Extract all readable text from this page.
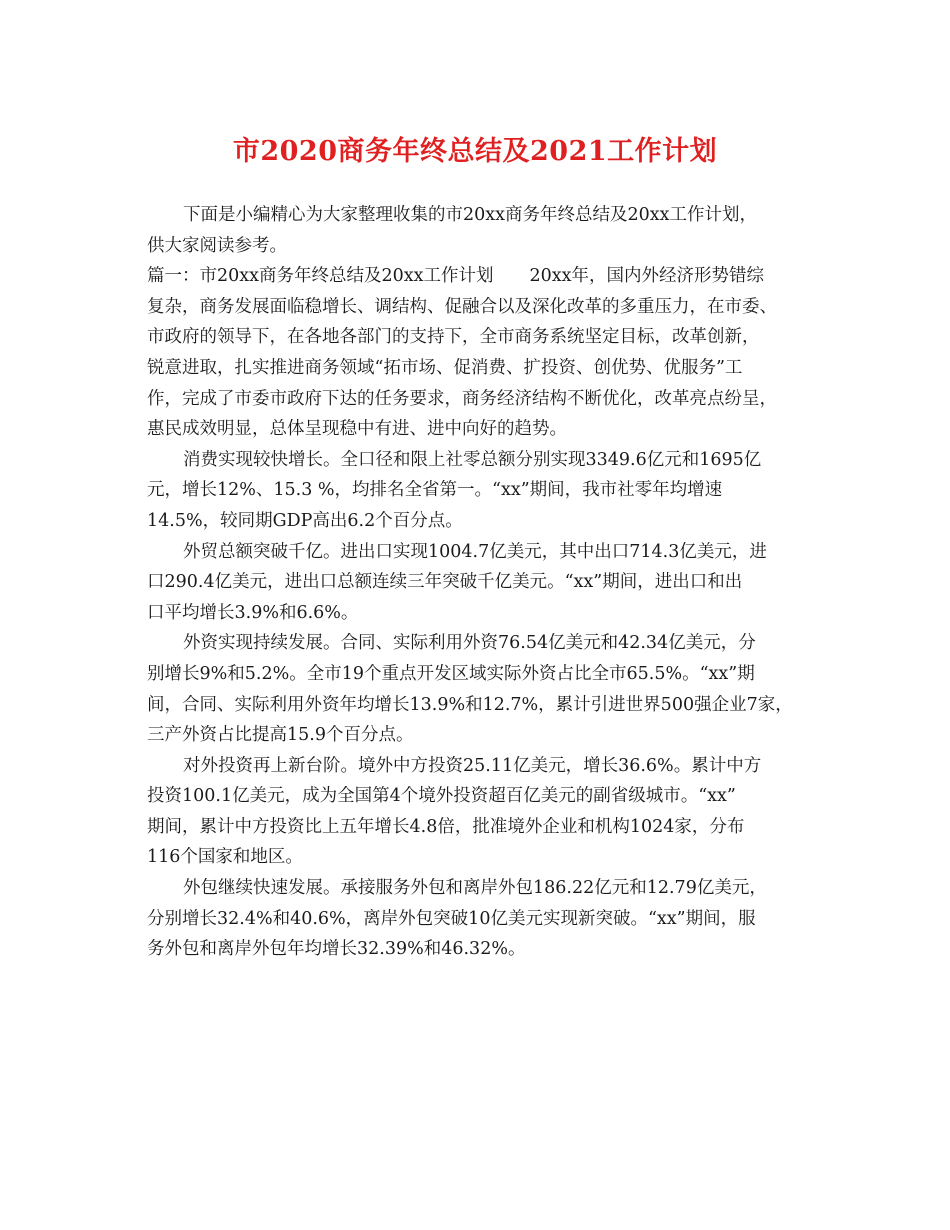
市2020商务年终总结及2021工作计划
下面是小编精心为大家整理收集的市20xx商务年终总结及20xx工作计划，
供大家阅读参考。
篇一：市20xx商务年终总结及20xx工作计划 20xx年，国内外经济形势错综
复杂，商务发展面临稳增长、调结构、促融合以及深化改革的多重压力，在市委、
市政府的领导下，在各地各部门的支持下，全市商务系统坚定目标，改革创新，
锐意进取，扎实推进商务领域“拓市场、促消费、扩投资、创优势、优服务”工
作，完成了市委市政府下达的任务要求，商务经济结构不断优化，改革亮点纷呈，
惠民成效明显，总体呈现稳中有进、进中向好的趋势。
消费实现较快增长。全口径和限上社零总额分别实现3349.6亿元和1695亿
元，增长12%、15.3 %，均排名全省第一。“xx”期间，我市社零年均增速
14.5%，较同期GDP高出6.2个百分点。
外贸总额突破千亿。进出口实现1004.7亿美元，其中出口714.3亿美元，进
口290.4亿美元，进出口总额连续三年突破千亿美元。“xx”期间，进出口和出
口平均增长3.9%和6.6%。
外资实现持续发展。合同、实际利用外资76.54亿美元和42.34亿美元，分
别增长9%和5.2%。全市19个重点开发区域实际外资占比全市65.5%。“xx”期
间，合同、实际利用外资年均增长13.9%和12.7%，累计引进世界500强企业7家，
三产外资占比提高15.9个百分点。
对外投资再上新台阶。境外中方投资25.11亿美元，增长36.6%。累计中方
投资100.1亿美元，成为全国第4个境外投资超百亿美元的副省级城市。“xx”
期间，累计中方投资比上五年增长4.8倍，批准境外企业和机构1024家，分布
116个国家和地区。
外包继续快速发展。承接服务外包和离岸外包186.22亿元和12.79亿美元，
分别增长32.4%和40.6%，离岸外包突破10亿美元实现新突破。“xx”期间，服
务外包和离岸外包年均增长32.39%和46.32%。
